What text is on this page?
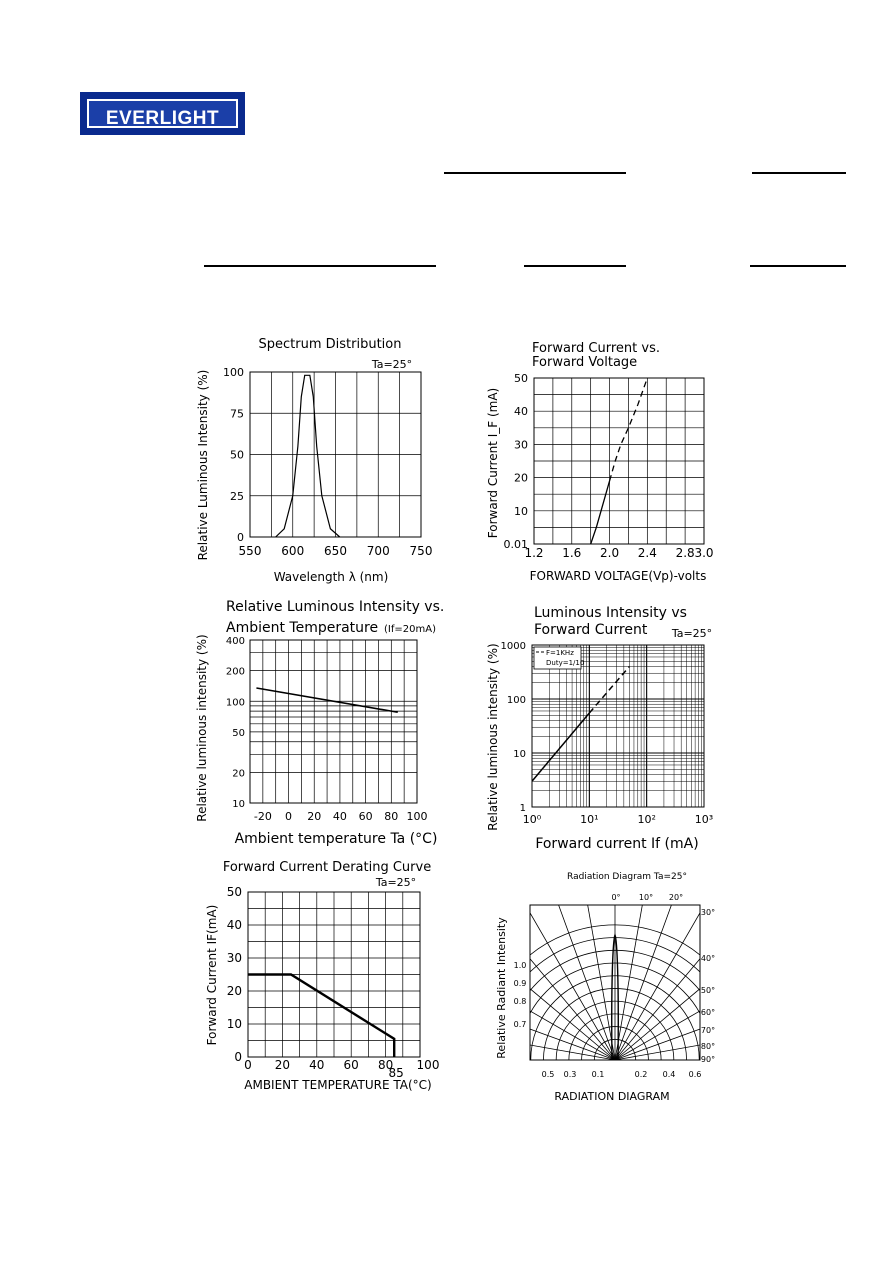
EVERLIGHT
550 600 650 700 750
0
25
50
75
100
Spectrum Distribution
Ta=25°
Wavelength λ (nm)
Relative Luminous Intensity (%)	1.2 1.6 2.0 2.4 2.8 3.0
0.01
10
20
30
40
50
Forward Current vs.
Forward Voltage
FORWARD VOLTAGE(Vp)-volts
Forward Current I_F (mA)
-20 0 20 40 60 80 100
10
20
50
100
200
400
Relative Luminous Intensity vs.
Ambient Temperature (If=20mA)
Ambient temperature Ta (°C)
Relative luminous intensity (%)	10⁰	10¹	10²	10³
1
10
100
1000
Luminous Intensity vs
Forward Current Ta=25°
F=1KHz
Duty=1/10
Forward current If (mA)
Relative luminous intensity (%)
0 20 40 60 80 100
85
0
10
20
30
40
50
Forward Current Derating Curve
Ta=25°
AMBIENT TEMPERATURE TA(°C)
Forward Current IF(mA)
Radiation Diagram Ta=25°
0° 10° 20°
30°
40°
50°
60°
70°
80°
90°
1.0
0.9
0.8
0.7
0.5 0.3 0.1	0.2 0.4 0.6
RADIATION DIAGRAM
Relative Radiant Intensity
